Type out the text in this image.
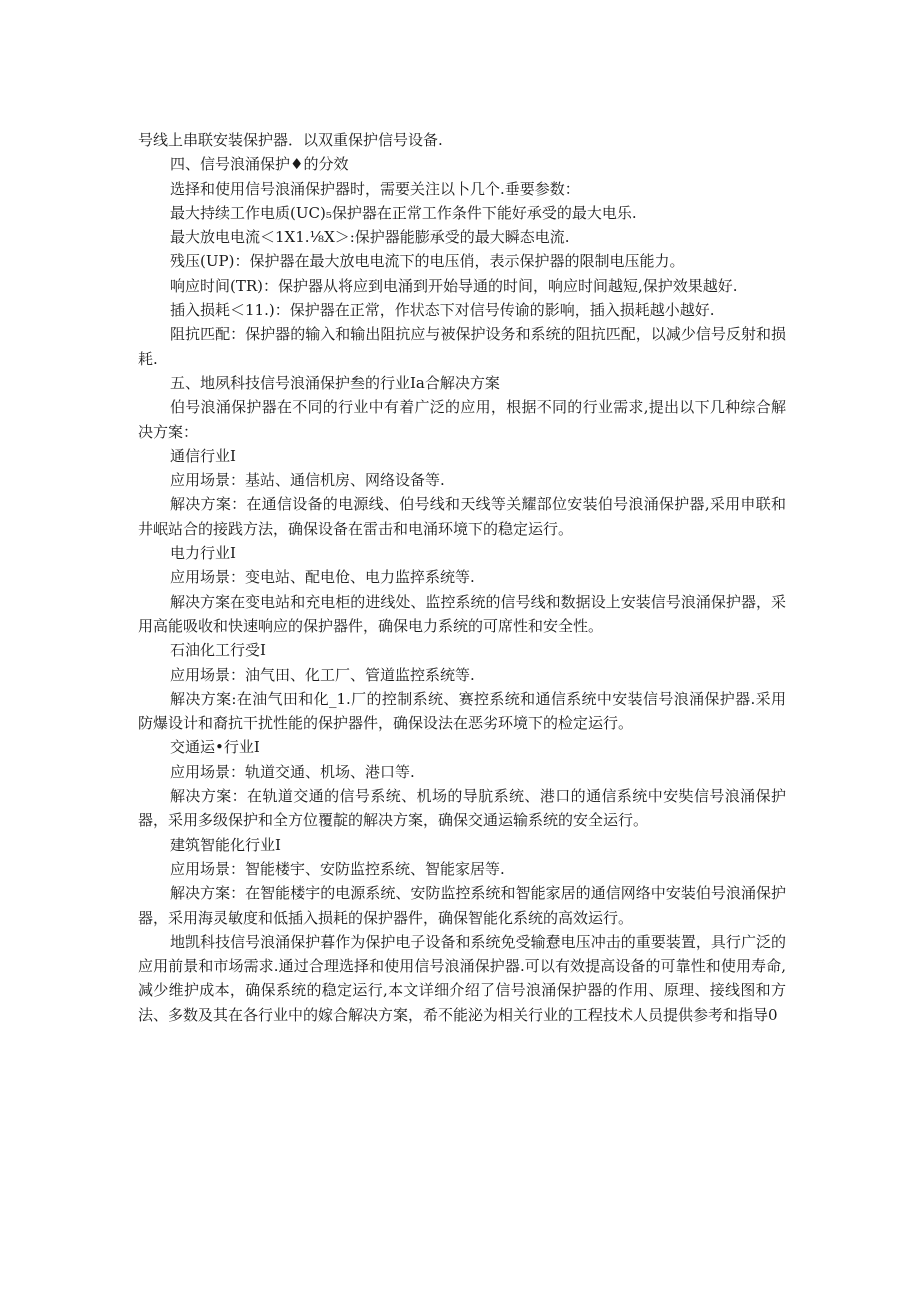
号线上串联安装保护器．以双重保护信号设备.

四、信号浪涌保护♦的分效

选择和使用信号浪涌保护器时，需要关注以卜几个.垂要参数：

最大持续工作电质(UC)₅保护器在正常工作条件下能好承受的最大电乐.

最大放电电流＜1X1.⅛X＞:保护器能膨承受的最大瞬态电流.

残压(UP)：保护器在最大放电电流下的电压俏，表示保护器的限制电压能力。

响应时间(TR)：保护器从将应到电涌到开始导通的时间，响应时间越短,保护效果越好.

插入损耗＜11.)：保护器在正常，作状态下对信号传谕的影响，插入损耗越小越好.

阻抗匹配：保护器的输入和输出阻抗应与被保护设务和系统的阻抗匹配，以减少信号反射和损耗.

五、地夙科技信号浪涌保护叁的行业Ia合解决方案

伯号浪涌保护器在不同的行业中有着广泛的应用，根据不同的行业需求,提出以下几种综合解决方案：

通信行业I

应用场景：基站、通信机房、网络设备等.

解决方案：在通信设备的电源线、伯号线和天线等关耀部位安装伯号浪涌保护器,采用申联和井岷站合的接践方法，确保设备在雷击和电涌环境下的稳定运行。

电力行业I

应用场景：变电站、配电伧、电力监捽系统等.

解决方案在变电站和充电柜的进线处、监控系统的信号线和数据设上安装信号浪涌保护器，采用高能吸收和快速响应的保护器件，确保电力系统的可席性和安全性。

石油化工行受I

应用场景：油气田、化工厂、管道监控系统等.

解决方案:在油气田和化_1.厂的控制系统、赛控系统和通信系统中安装信号浪涌保护器.采用防爆设计和裔抗干扰性能的保护器件，确保设法在恶劣环境下的检定运行。

交通运•行业I

应用场景：轨道交通、机场、港口等.

解决方案：在轨道交通的信号系统、机场的导肮系统、港口的通信系统中安奘信号浪涌保护器，采用多级保护和全方位覆靛的解决方案，确保交通运输系统的安全运行。

建筑智能化行业I

应用场景：智能楼宇、安防监控系统、智能家居等.

解决方案：在智能楼宇的电源系统、安防监控系统和智能家居的通信网络中安装伯号浪涌保护器，采用海灵敏度和低插入损耗的保护器件，确保智能化系统的高效运行。

地凯科技信号浪涌保护暮作为保护电子设备和系统免受输憃电压冲击的重要装置，具行广泛的应用前景和市场需求.通过合理选择和使用信号浪涌保护器.可以有效提高设备的可靠性和使用寿命,减少维护成本，确保系统的稳定运行,本文详细介绍了信号浪涌保护器的作用、原理、接线图和方法、多数及其在各行业中的嫁合解决方案，希不能泌为相关行业的工程技术人员提供参考和指导0
